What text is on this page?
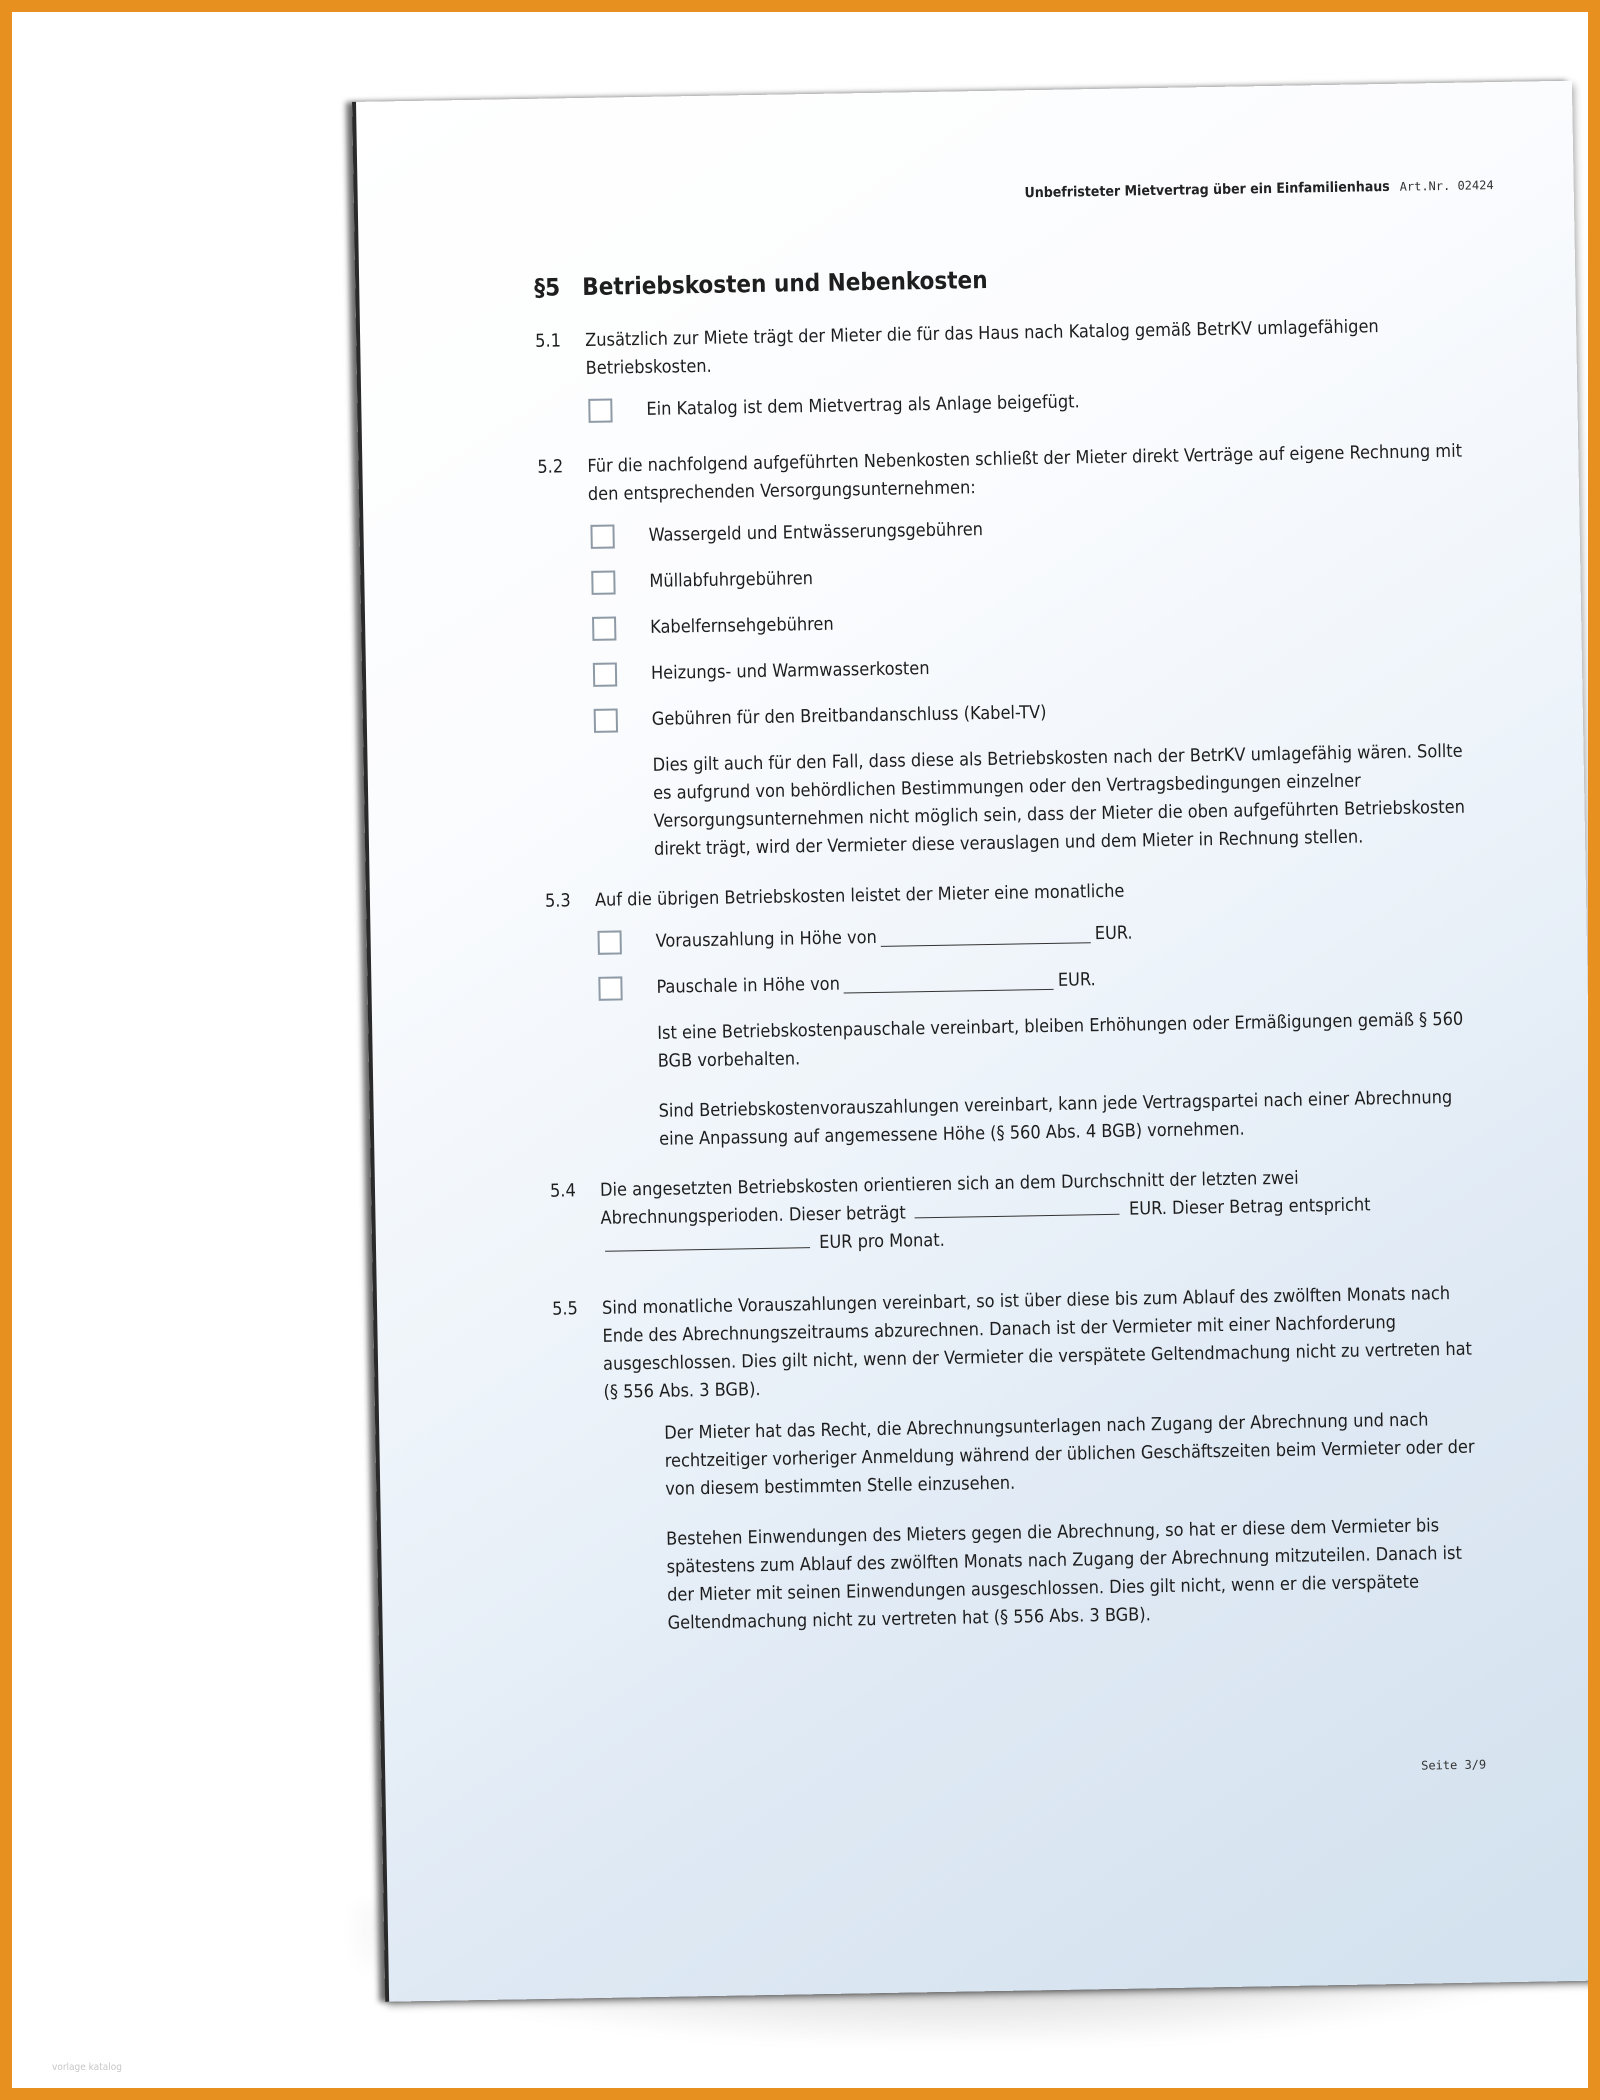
Unbefristeter Mietvertrag über ein Einfamilienhaus Art.Nr. 02424
§5 Betriebskosten und Nebenkosten
5.1	Zusätzlich zur Miete trägt der Mieter die für das Haus nach Katalog gemäß BetrKV umlagefähigen Betriebskosten.
Ein Katalog ist dem Mietvertrag als Anlage beigefügt.
5.2	Für die nachfolgend aufgeführten Nebenkosten schließt der Mieter direkt Verträge auf eigene Rechnung mit den entsprechenden Versorgungsunternehmen:
Wassergeld und Entwässerungsgebühren
Müllabfuhrgebühren
Kabelfernsehgebühren
Heizungs- und Warmwasserkosten
Gebühren für den Breitbandanschluss (Kabel-TV)
Dies gilt auch für den Fall, dass diese als Betriebskosten nach der BetrKV umlagefähig wären. Sollte es aufgrund von behördlichen Bestimmungen oder den Vertragsbedingungen einzelner Versorgungsunternehmen nicht möglich sein, dass der Mieter die oben aufgeführten Betriebskosten direkt trägt, wird der Vermieter diese verauslagen und dem Mieter in Rechnung stellen.
5.3	Auf die übrigen Betriebskosten leistet der Mieter eine monatliche
Vorauszahlung in Höhe von	EUR.
Pauschale in Höhe von	EUR.
Ist eine Betriebskostenpauschale vereinbart, bleiben Erhöhungen oder Ermäßigungen gemäß § 560 BGB vorbehalten.
Sind Betriebskostenvorauszahlungen vereinbart, kann jede Vertragspartei nach einer Abrechnung eine Anpassung auf angemessene Höhe (§ 560 Abs. 4 BGB) vornehmen.
5.4	Die angesetzten Betriebskosten orientieren sich an dem Durchschnitt der letzten zwei Abrechnungsperioden. Dieser beträgt	EUR. Dieser Betrag entspricht  EUR pro Monat.
5.5	Sind monatliche Vorauszahlungen vereinbart, so ist über diese bis zum Ablauf des zwölften Monats nach Ende des Abrechnungszeitraums abzurechnen. Danach ist der Vermieter mit einer Nachforderung ausgeschlossen. Dies gilt nicht, wenn der Vermieter die verspätete Geltendmachung nicht zu vertreten hat (§ 556 Abs. 3 BGB).
Der Mieter hat das Recht, die Abrechnungsunterlagen nach Zugang der Abrechnung und nach rechtzeitiger vorheriger Anmeldung während der üblichen Geschäftszeiten beim Vermieter oder der von diesem bestimmten Stelle einzusehen.
Bestehen Einwendungen des Mieters gegen die Abrechnung, so hat er diese dem Vermieter bis spätestens zum Ablauf des zwölften Monats nach Zugang der Abrechnung mitzuteilen. Danach ist der Mieter mit seinen Einwendungen ausgeschlossen. Dies gilt nicht, wenn er die verspätete Geltendmachung nicht zu vertreten hat (§ 556 Abs. 3 BGB).
Seite 3/9
vorlage katalog
